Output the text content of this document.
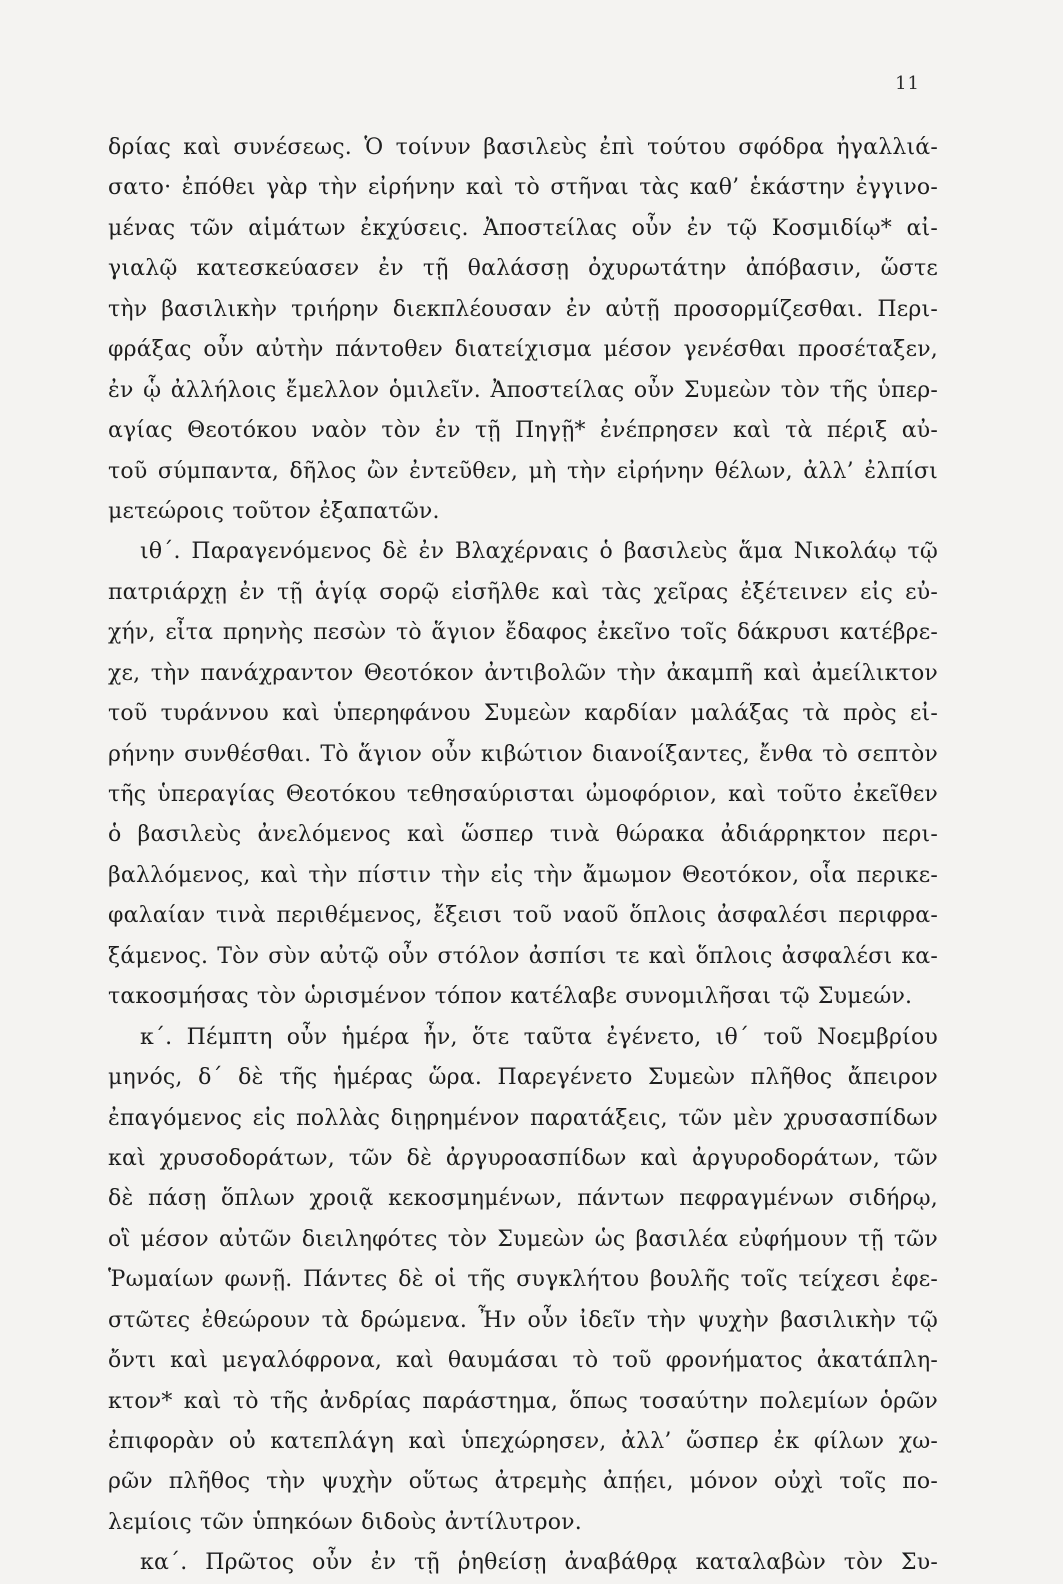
11
δρίας καὶ συνέσεως. Ὁ τοίνυν βασιλεὺς ἐπὶ τούτου σφόδρα ἠγαλλιά-
σατο· ἐπόθει γὰρ τὴν εἰρήνην καὶ τὸ στῆναι τὰς καθ’ ἑκάστην ἐγγινο-
μένας τῶν αἱμάτων ἐκχύσεις. Ἀποστείλας οὖν ἐν τῷ Κοσμιδίῳ* αἰ-
γιαλῷ κατεσκεύασεν ἐν τῇ θαλάσσῃ ὀχυρωτάτην ἀπόβασιν, ὥστε
τὴν βασιλικὴν τριήρην διεκπλέουσαν ἐν αὐτῇ προσορμίζεσθαι. Περι-
φράξας οὖν αὐτὴν πάντοθεν διατείχισμα μέσον γενέσθαι προσέταξεν,
ἐν ᾧ ἀλλήλοις ἔμελλον ὁμιλεῖν. Ἀποστείλας οὖν Συμεὼν τὸν τῆς ὑπερ-
αγίας Θεοτόκου ναὸν τὸν ἐν τῇ Πηγῇ* ἐνέπρησεν καὶ τὰ πέριξ αὐ-
τοῦ σύμπαντα, δῆλος ὢν ἐντεῦθεν, μὴ τὴν εἰρήνην θέλων, ἀλλ’ ἐλπίσι
μετεώροις τοῦτον ἐξαπατῶν.
ιθ΄. Παραγενόμενος δὲ ἐν Βλαχέρναις ὁ βασιλεὺς ἅμα Νικολάῳ τῷ
πατριάρχῃ ἐν τῇ ἁγίᾳ σορῷ εἰσῆλθε καὶ τὰς χεῖρας ἐξέτεινεν εἰς εὐ-
χήν, εἶτα πρηνὴς πεσὼν τὸ ἅγιον ἔδαφος ἐκεῖνο τοῖς δάκρυσι κατέβρε-
χε, τὴν πανάχραντον Θεοτόκον ἀντιβολῶν τὴν ἀκαμπῆ καὶ ἀμείλικτον
τοῦ τυράννου καὶ ὑπερηφάνου Συμεὼν καρδίαν μαλάξας τὰ πρὸς εἰ-
ρήνην συνθέσθαι. Τὸ ἅγιον οὖν κιβώτιον διανοίξαντες, ἔνθα τὸ σεπτὸν
τῆς ὑπεραγίας Θεοτόκου τεθησαύρισται ὠμοφόριον, καὶ τοῦτο ἐκεῖθεν
ὁ βασιλεὺς ἀνελόμενος καὶ ὥσπερ τινὰ θώρακα ἀδιάρρηκτον περι-
βαλλόμενος, καὶ τὴν πίστιν τὴν εἰς τὴν ἄμωμον Θεοτόκον, οἷα περικε-
φαλαίαν τινὰ περιθέμενος, ἔξεισι τοῦ ναοῦ ὅπλοις ἀσφαλέσι περιφρα-
ξάμενος. Τὸν σὺν αὐτῷ οὖν στόλον ἀσπίσι τε καὶ ὅπλοις ἀσφαλέσι κα-
τακοσμήσας τὸν ὡρισμένον τόπον κατέλαβε συνομιλῆσαι τῷ Συμεών.
κ΄. Πέμπτη οὖν ἡμέρα ἦν, ὅτε ταῦτα ἐγένετο, ιθ΄ τοῦ Νοεμβρίου
μηνός, δ΄ δὲ τῆς ἡμέρας ὥρα. Παρεγένετο Συμεὼν πλῆθος ἄπειρον
ἐπαγόμενος εἰς πολλὰς διῃρημένον παρατάξεις, τῶν μὲν χρυσασπίδων
καὶ χρυσοδοράτων, τῶν δὲ ἀργυροασπίδων καὶ ἀργυροδοράτων, τῶν
δὲ πάσῃ ὅπλων χροιᾷ κεκοσμημένων, πάντων πεφραγμένων σιδήρῳ,
οἳ μέσον αὐτῶν διειληφότες τὸν Συμεὼν ὡς βασιλέα εὐφήμουν τῇ τῶν
Ῥωμαίων φωνῇ. Πάντες δὲ οἱ τῆς συγκλήτου βουλῆς τοῖς τείχεσι ἐφε-
στῶτες ἐθεώρουν τὰ δρώμενα. Ἦν οὖν ἰδεῖν τὴν ψυχὴν βασιλικὴν τῷ
ὄντι καὶ μεγαλόφρονα, καὶ θαυμάσαι τὸ τοῦ φρονήματος ἀκατάπλη-
κτον* καὶ τὸ τῆς ἀνδρίας παράστημα, ὅπως τοσαύτην πολεμίων ὁρῶν
ἐπιφορὰν οὐ κατεπλάγη καὶ ὑπεχώρησεν, ἀλλ’ ὥσπερ ἐκ φίλων χω-
ρῶν πλῆθος τὴν ψυχὴν οὕτως ἀτρεμὴς ἀπῄει, μόνον οὐχὶ τοῖς πο-
λεμίοις τῶν ὑπηκόων διδοὺς ἀντίλυτρον.
κα΄. Πρῶτος οὖν ἐν τῇ ῥηθείσῃ ἀναβάθρᾳ καταλαβὼν τὸν Συ-
